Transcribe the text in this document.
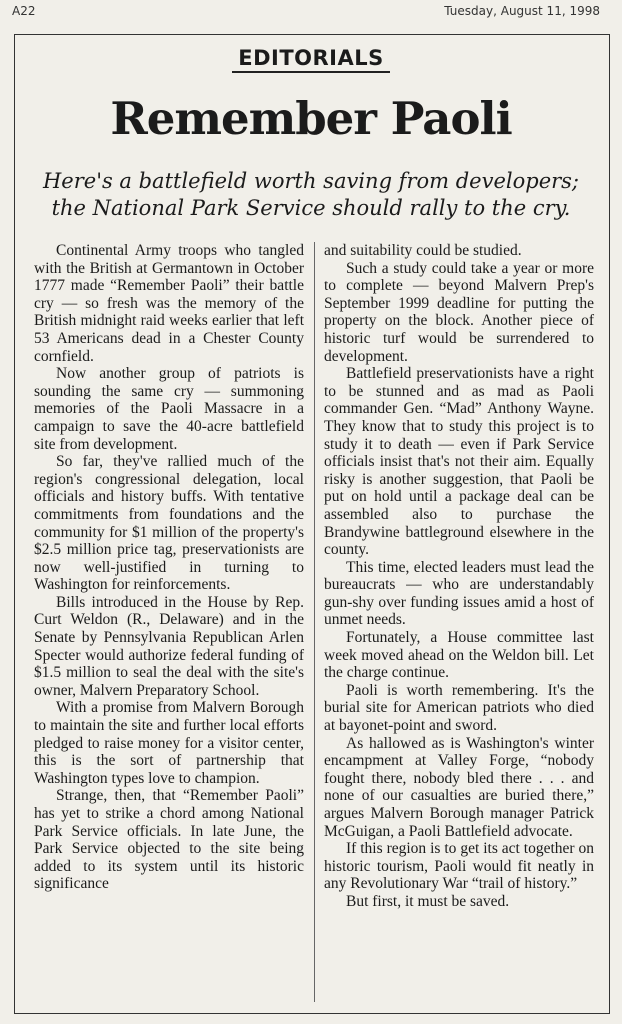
A22	Tuesday, August 11, 1998
EDITORIALS
Remember Paoli
Here's a battlefield worth saving from developers;
the National Park Service should rally to the cry.

Continental Army troops who tangled with the British at Germantown in October 1777 made “Remember Paoli” their battle cry — so fresh was the memory of the British midnight raid weeks earlier that left 53 Americans dead in a Chester County cornfield.

Now another group of patriots is sounding the same cry — summoning memories of the Paoli Massacre in a campaign to save the 40-acre battlefield site from development.

So far, they've rallied much of the region's congressional delegation, local officials and history buffs. With tentative commitments from foundations and the community for $1 million of the property's $2.5 million price tag, preservationists are now well-justified in turning to Washington for reinforcements.

Bills introduced in the House by Rep. Curt Weldon (R., Delaware) and in the Senate by Pennsylvania Republican Arlen Specter would authorize federal funding of $1.5 million to seal the deal with the site's owner, Malvern Preparatory School.

With a promise from Malvern Borough to maintain the site and further local efforts pledged to raise money for a visitor center, this is the sort of partnership that Washington types love to champion.

Strange, then, that “Remember Paoli” has yet to strike a chord among National Park Service officials. In late June, the Park Service objected to the site being added to its system until its historic significance

and suitability could be studied.

Such a study could take a year or more to complete — beyond Malvern Prep's September 1999 deadline for putting the property on the block. Another piece of historic turf would be surrendered to development.

Battlefield preservationists have a right to be stunned and as mad as Paoli commander Gen. “Mad” Anthony Wayne. They know that to study this project is to study it to death — even if Park Service officials insist that's not their aim. Equally risky is another suggestion, that Paoli be put on hold until a package deal can be assembled also to purchase the Brandywine battleground elsewhere in the county.

This time, elected leaders must lead the bureaucrats — who are understandably gun-shy over funding issues amid a host of unmet needs.

Fortunately, a House committee last week moved ahead on the Weldon bill. Let the charge continue.

Paoli is worth remembering. It's the burial site for American patriots who died at bayonet-point and sword.

As hallowed as is Washington's winter encampment at Valley Forge, “nobody fought there, nobody bled there . . . and none of our casualties are buried there,” argues Malvern Borough manager Patrick McGuigan, a Paoli Battlefield advocate.

If this region is to get its act together on historic tourism, Paoli would fit neatly in any Revolutionary War “trail of history.”

But first, it must be saved.
